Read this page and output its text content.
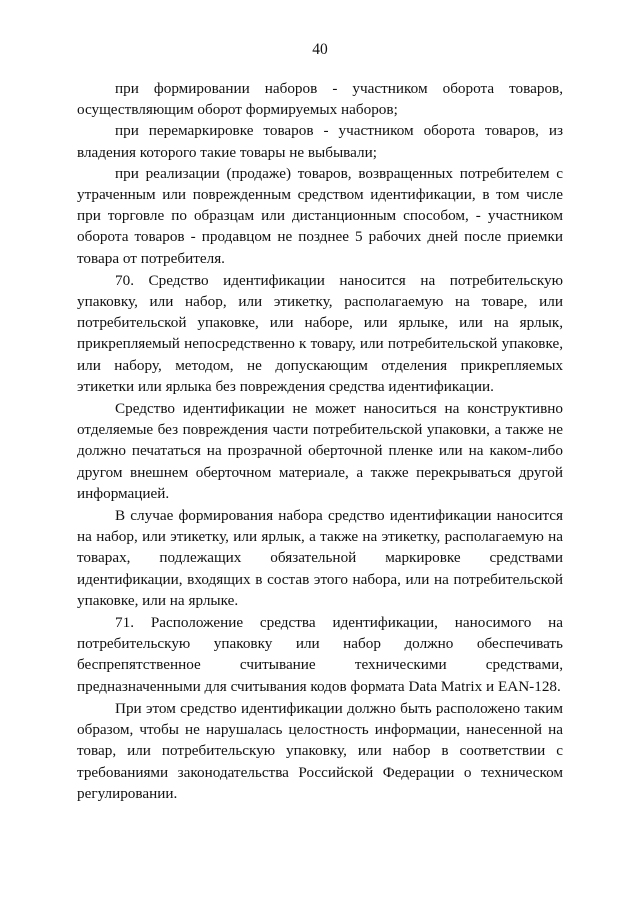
40

при формировании наборов - участником оборота товаров, осуществляющим оборот формируемых наборов;

при перемаркировке товаров - участником оборота товаров, из владения которого такие товары не выбывали;

при реализации (продаже) товаров, возвращенных потребителем с утраченным или поврежденным средством идентификации, в том числе при торговле по образцам или дистанционным способом, - участником оборота товаров - продавцом не позднее 5 рабочих дней после приемки товара от потребителя.

70. Средство идентификации наносится на потребительскую упаковку, или набор, или этикетку, располагаемую на товаре, или потребительской упаковке, или наборе, или ярлыке, или на ярлык, прикрепляемый непосредственно к товару, или потребительской упаковке, или набору, методом, не допускающим отделения прикрепляемых этикетки или ярлыка без повреждения средства идентификации.

Средство идентификации не может наноситься на конструктивно отделяемые без повреждения части потребительской упаковки, а также не должно печататься на прозрачной оберточной пленке или на каком-либо другом внешнем оберточном материале, а также перекрываться другой информацией.

В случае формирования набора средство идентификации наносится на набор, или этикетку, или ярлык, а также на этикетку, располагаемую на товарах, подлежащих обязательной маркировке средствами идентификации, входящих в состав этого набора, или на потребительской упаковке, или на ярлыке.

71. Расположение средства идентификации, наносимого на потребительскую упаковку или набор должно обеспечивать беспрепятственное считывание техническими средствами, предназначенными для считывания кодов формата Data Matrix и EAN-128.

При этом средство идентификации должно быть расположено таким образом, чтобы не нарушалась целостность информации, нанесенной на товар, или потребительскую упаковку, или набор в соответствии с требованиями законодательства Российской Федерации о техническом регулировании.
